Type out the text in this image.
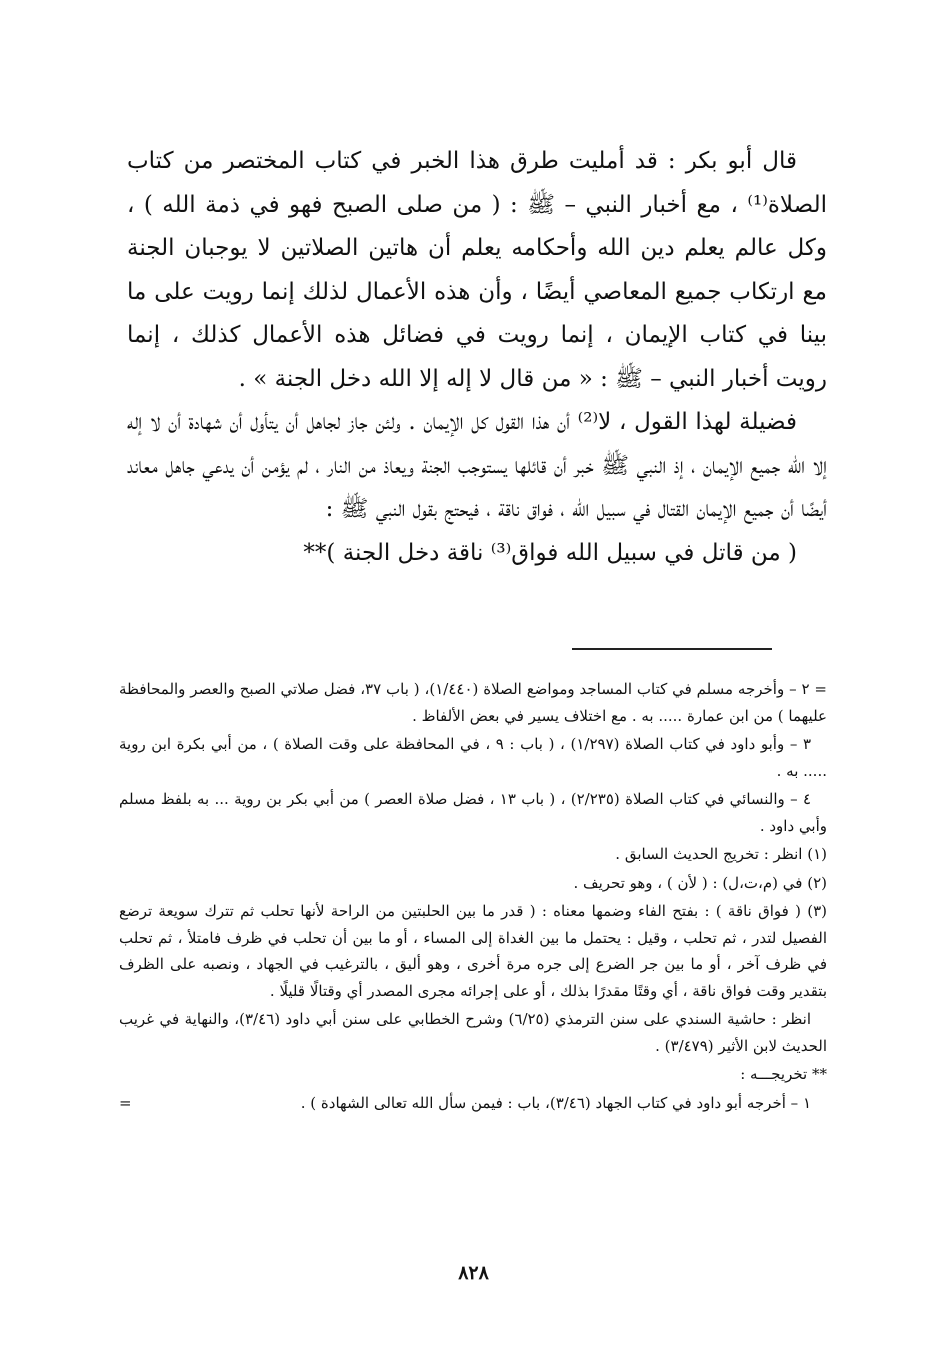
قال أبو بكر : قد أمليت طرق هذا الخبر في كتاب المختصر من كتاب الصلاة⁽¹⁾ ، مع أخبار النبي – ﷺ : ( من صلى الصبح فهو في ذمة الله ) ، وكل عالم يعلم دين الله وأحكامه يعلم أن هاتين الصلاتين لا يوجبان الجنة مع ارتكاب جميع المعاصي أيضًا ، وأن هذه الأعمال لذلك إنما رويت على ما بينا في كتاب الإيمان ، إنما رويت في فضائل هذه الأعمال كذلك ، إنما رويت أخبار النبي – ﷺ : « من قال لا إله إلا الله دخل الجنة » .

فضيلة لهذا القول ، لا⁽²⁾ أن هذا القول كل الإيمان . ولئن جاز لجاهل أن يتأول أن شهادة أن لا إله إلا الله جميع الإيمان ، إذ النبي ﷺ خبر أن قائلها يستوجب الجنة ويعاذ من النار ، لم يؤمن أن يدعي جاهل معاند أيضًا أن جميع الإيمان القتال في سبيل الله ، فواق ناقة ، فيحتج بقول النبي ﷺ :

( من قاتل في سبيل الله فواق⁽³⁾ ناقة دخل الجنة )**

= ٢ – وأخرجه مسلم في كتاب المساجد ومواضع الصلاة (١/٤٤٠)، ( باب ٣٧، فضل صلاتي الصبح والعصر والمحافظة عليهما ) من ابن عمارة ..... به . مع اختلاف يسير في بعض الألفاظ .

٣ – وأبو داود في كتاب الصلاة (١/٢٩٧) ، ( باب : ٩ ، في المحافظة على وقت الصلاة ) ، من أبي بكرة ابن روية ..... به .

٤ – والنسائي في كتاب الصلاة (٢/٢٣٥) ، ( باب ١٣ ، فضل صلاة العصر ) من أبي بكر بن روية ... به بلفظ مسلم وأبي داود .

(١) انظر : تخريج الحديث السابق .

(٢) في (م،ت،ل) : ( لأن ) ، وهو تحريف .

(٣) ( فواق ناقة ) : بفتح الفاء وضمها معناه : ( قدر ما بين الحلبتين من الراحة لأنها تحلب ثم تترك سويعة ترضع الفصيل لتدر ، ثم تحلب ، وقيل : يحتمل ما بين الغداة إلى المساء ، أو ما بين أن تحلب في ظرف فامتلأ ، ثم تحلب في ظرف آخر ، أو ما بين جر الضرع إلى جره مرة أخرى ، وهو أليق ، بالترغيب في الجهاد ، ونصبه على الظرف بتقدير وقت فواق ناقة ، أي وقتًا مقدرًا بذلك ، أو على إجرائه مجرى المصدر أي وقتالًا قليلًا .

انظر : حاشية السندي على سنن الترمذي (٦/٢٥) وشرح الخطابي على سنن أبي داود (٣/٤٦)، والنهاية في غريب الحديث لابن الأثير (٣/٤٧٩) .

** تخريجـــه :

١ – أخرجه أبو داود في كتاب الجهاد (٣/٤٦)، باب : فيمن سأل الله تعالى الشهادة ) .
=

٨٢٨
